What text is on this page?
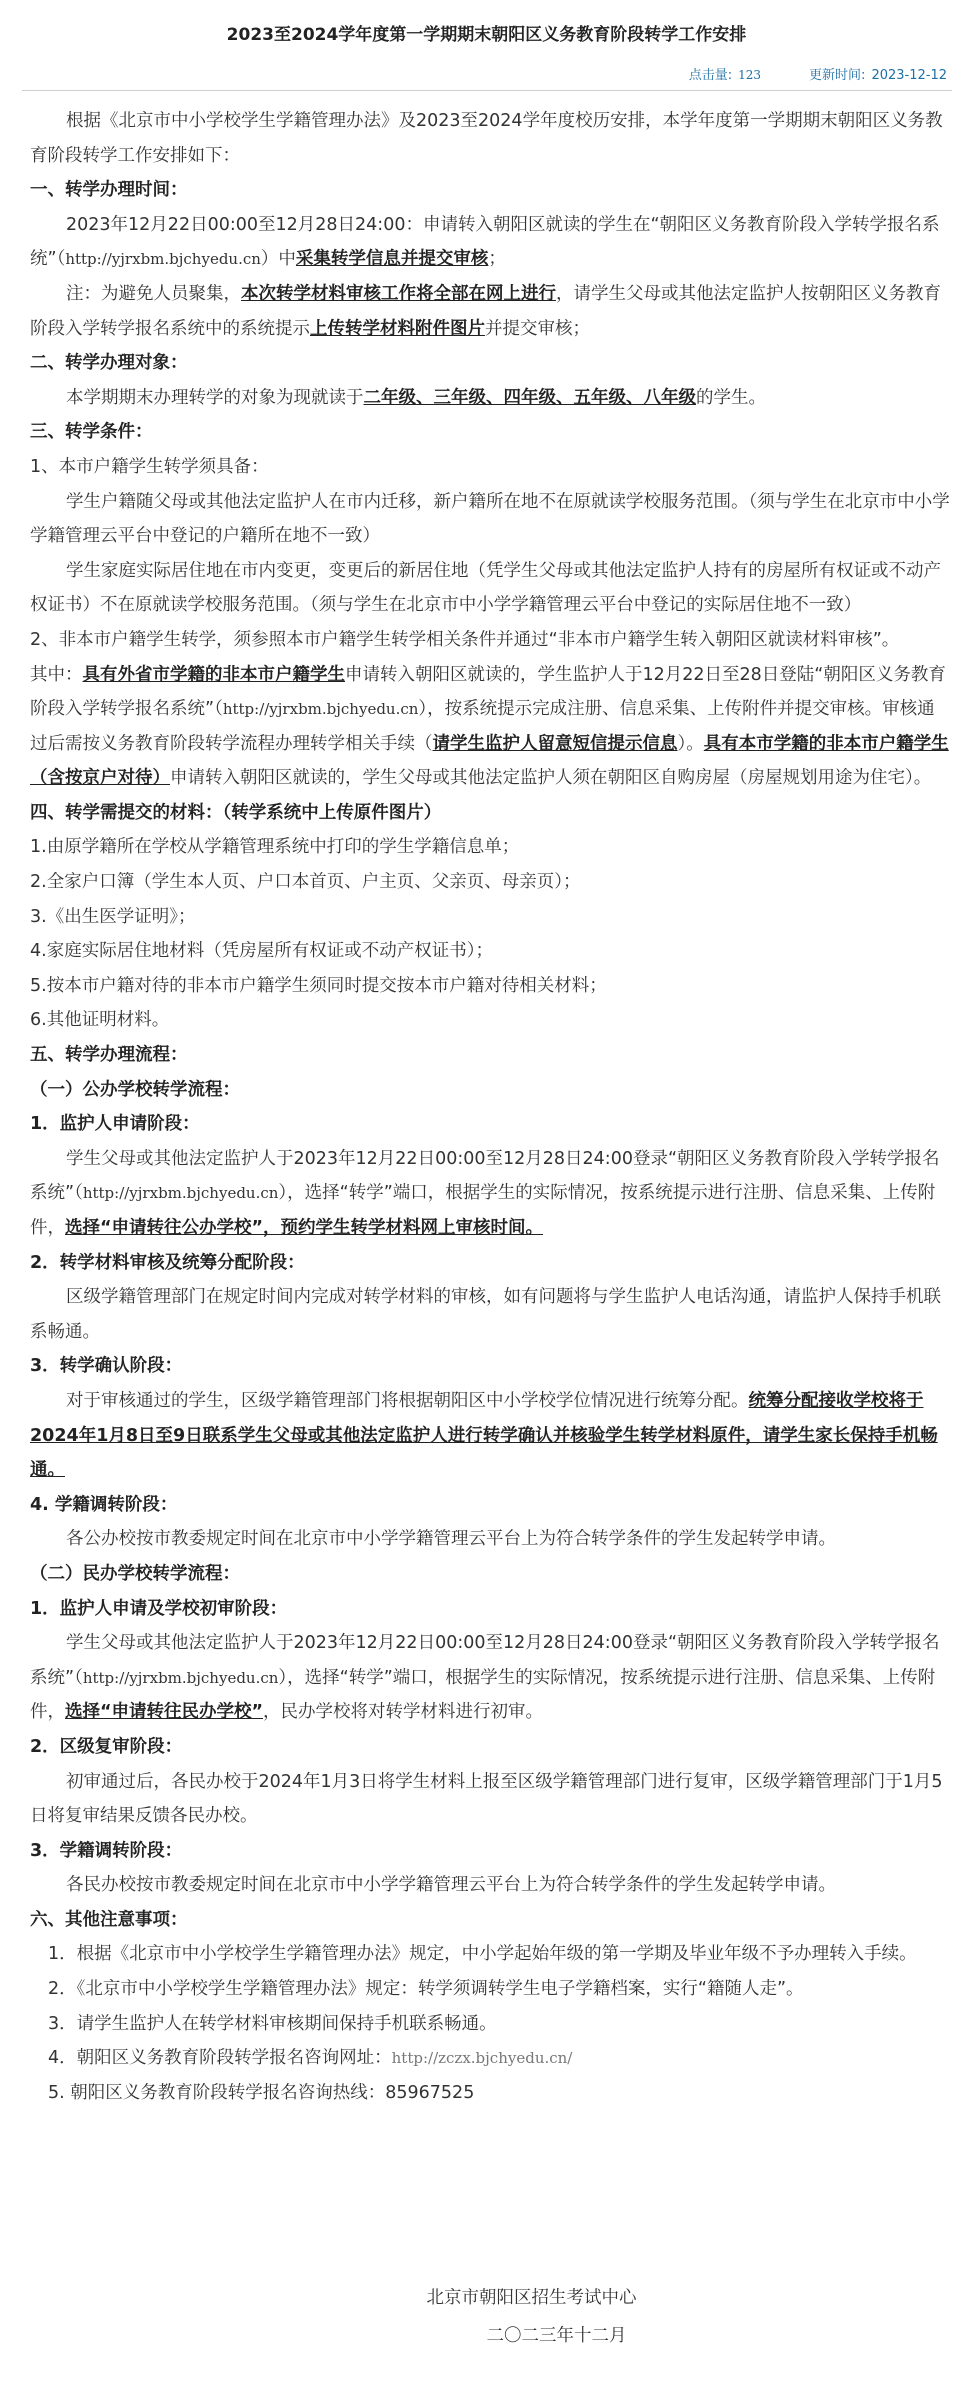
2023至2024学年度第一学期期末朝阳区义务教育阶段转学工作安排
点击量: 123	更新时间: 2023-12-12

根据《北京市中小学校学生学籍管理办法》及2023至2024学年度校历安排，本学年度第一学期期末朝阳区义务教育阶段转学工作安排如下：

一、转学办理时间：

2023年12月22日00:00至12月28日24:00：申请转入朝阳区就读的学生在“朝阳区义务教育阶段入学转学报名系统”（http://yjrxbm.bjchyedu.cn）中采集转学信息并提交审核；

注：为避免人员聚集，本次转学材料审核工作将全部在网上进行，请学生父母或其他法定监护人按朝阳区义务教育阶段入学转学报名系统中的系统提示上传转学材料附件图片并提交审核；

二、转学办理对象：

本学期期末办理转学的对象为现就读于二年级、三年级、四年级、五年级、八年级的学生。

三、转学条件：

1、本市户籍学生转学须具备：

学生户籍随父母或其他法定监护人在市内迁移，新户籍所在地不在原就读学校服务范围。（须与学生在北京市中小学学籍管理云平台中登记的户籍所在地不一致）

学生家庭实际居住地在市内变更，变更后的新居住地（凭学生父母或其他法定监护人持有的房屋所有权证或不动产权证书）不在原就读学校服务范围。（须与学生在北京市中小学学籍管理云平台中登记的实际居住地不一致）

2、非本市户籍学生转学，须参照本市户籍学生转学相关条件并通过“非本市户籍学生转入朝阳区就读材料审核”。

其中：具有外省市学籍的非本市户籍学生申请转入朝阳区就读的，学生监护人于12月22日至28日登陆“朝阳区义务教育阶段入学转学报名系统”（http://yjrxbm.bjchyedu.cn），按系统提示完成注册、信息采集、上传附件并提交审核。审核通过后需按义务教育阶段转学流程办理转学相关手续（请学生监护人留意短信提示信息）。具有本市学籍的非本市户籍学生（含按京户对待）申请转入朝阳区就读的，学生父母或其他法定监护人须在朝阳区自购房屋（房屋规划用途为住宅）。

四、转学需提交的材料：（转学系统中上传原件图片）

1.由原学籍所在学校从学籍管理系统中打印的学生学籍信息单；

2.全家户口簿（学生本人页、户口本首页、户主页、父亲页、母亲页）；

3.《出生医学证明》；

4.家庭实际居住地材料（凭房屋所有权证或不动产权证书）；

5.按本市户籍对待的非本市户籍学生须同时提交按本市户籍对待相关材料；

6.其他证明材料。

五、转学办理流程：

（一）公办学校转学流程：

1．监护人申请阶段：

学生父母或其他法定监护人于2023年12月22日00:00至12月28日24:00登录“朝阳区义务教育阶段入学转学报名系统”（http://yjrxbm.bjchyedu.cn），选择“转学”端口，根据学生的实际情况，按系统提示进行注册、信息采集、上传附件，选择“申请转往公办学校”，预约学生转学材料网上审核时间。

2．转学材料审核及统筹分配阶段：

区级学籍管理部门在规定时间内完成对转学材料的审核，如有问题将与学生监护人电话沟通，请监护人保持手机联系畅通。

3．转学确认阶段：

对于审核通过的学生，区级学籍管理部门将根据朝阳区中小学校学位情况进行统筹分配。统筹分配接收学校将于2024年1月8日至9日联系学生父母或其他法定监护人进行转学确认并核验学生转学材料原件，请学生家长保持手机畅通。

4. 学籍调转阶段：

各公办校按市教委规定时间在北京市中小学学籍管理云平台上为符合转学条件的学生发起转学申请。

（二）民办学校转学流程：

1．监护人申请及学校初审阶段：

学生父母或其他法定监护人于2023年12月22日00:00至12月28日24:00登录“朝阳区义务教育阶段入学转学报名系统”（http://yjrxbm.bjchyedu.cn），选择“转学”端口，根据学生的实际情况，按系统提示进行注册、信息采集、上传附件，选择“申请转往民办学校”，民办学校将对转学材料进行初审。

2．区级复审阶段：

初审通过后，各民办校于2024年1月3日将学生材料上报至区级学籍管理部门进行复审，区级学籍管理部门于1月5日将复审结果反馈各民办校。

3．学籍调转阶段：

各民办校按市教委规定时间在北京市中小学学籍管理云平台上为符合转学条件的学生发起转学申请。

六、其他注意事项：

1．根据《北京市中小学校学生学籍管理办法》规定，中小学起始年级的第一学期及毕业年级不予办理转入手续。

2．《北京市中小学校学生学籍管理办法》规定：转学须调转学生电子学籍档案，实行“籍随人走”。

3．请学生监护人在转学材料审核期间保持手机联系畅通。

4．朝阳区义务教育阶段转学报名咨询网址：http://zczx.bjchyedu.cn/

5. 朝阳区义务教育阶段转学报名咨询热线：85967525

北京市朝阳区招生考试中心
二〇二三年十二月
